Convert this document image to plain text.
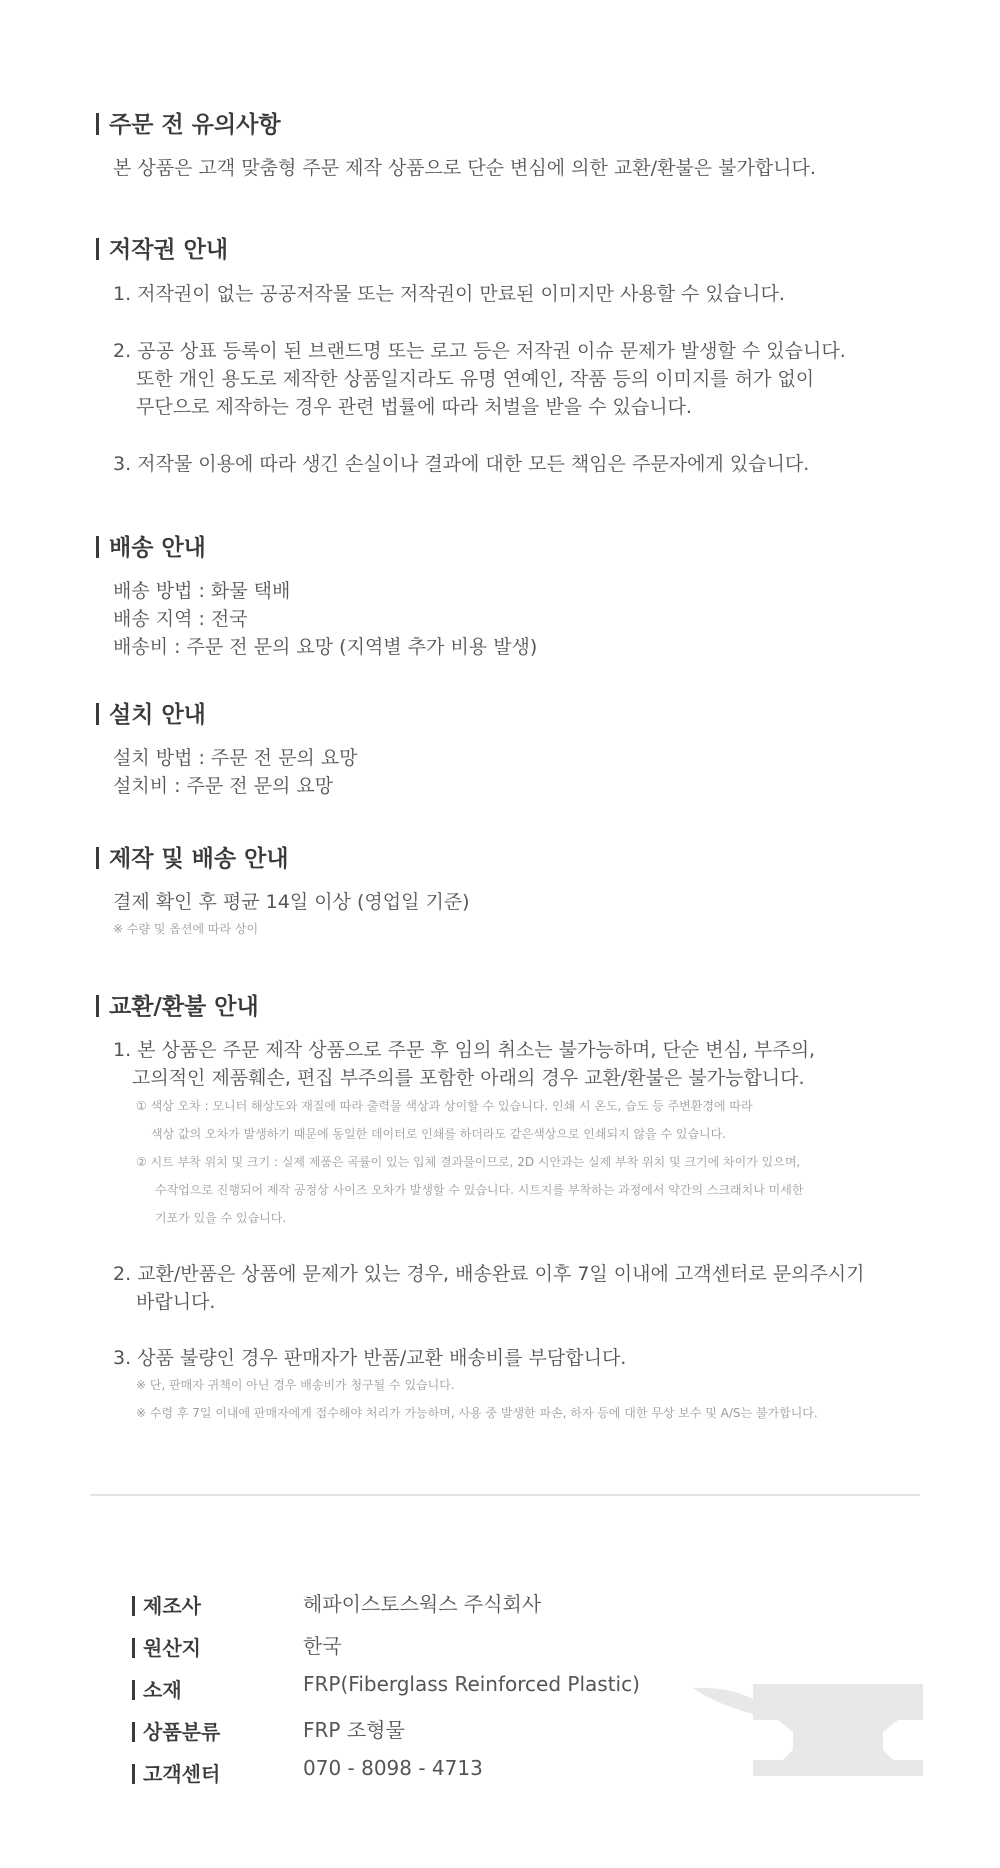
주문 전 유의사항

본 상품은 고객 맞춤형 주문 제작 상품으로 단순 변심에 의한 교환/환불은 불가합니다.

저작권 안내

1. 저작권이 없는 공공저작물 또는 저작권이 만료된 이미지만 사용할 수 있습니다.

2. 공공 상표 등록이 된 브랜드명 또는 로고 등은 저작권 이슈 문제가 발생할 수 있습니다.

또한 개인 용도로 제작한 상품일지라도 유명 연예인, 작품 등의 이미지를 허가 없이

무단으로 제작하는 경우 관련 법률에 따라 처벌을 받을 수 있습니다.

3. 저작물 이용에 따라 생긴 손실이나 결과에 대한 모든 책임은 주문자에게 있습니다.

배송 안내

배송 방법 : 화물 택배

배송 지역 : 전국

배송비 : 주문 전 문의 요망 (지역별 추가 비용 발생)

설치 안내

설치 방법 : 주문 전 문의 요망

설치비 : 주문 전 문의 요망

제작 및 배송 안내

결제 확인 후 평균 14일 이상 (영업일 기준)

※ 수량 및 옵션에 따라 상이

교환/환불 안내

1. 본 상품은 주문 제작 상품으로 주문 후 임의 취소는 불가능하며, 단순 변심, 부주의,

고의적인 제품훼손, 편집 부주의를 포함한 아래의 경우 교환/환불은 불가능합니다.

① 색상 오차 : 모니터 해상도와 재질에 따라 출력물 색상과 상이할 수 있습니다. 인쇄 시 온도, 습도 등 주변환경에 따라

색상 값의 오차가 발생하기 때문에 동일한 데이터로 인쇄를 하더라도 같은색상으로 인쇄되지 않을 수 있습니다.

② 시트 부착 위치 및 크기 : 실제 제품은 곡률이 있는 입체 결과물이므로, 2D 시안과는 실제 부착 위치 및 크기에 차이가 있으며,

수작업으로 진행되어 제작 공정상 사이즈 오차가 발생할 수 있습니다. 시트지를 부착하는 과정에서 약간의 스크래치나 미세한

기포가 있을 수 있습니다.

2. 교환/반품은 상품에 문제가 있는 경우, 배송완료 이후 7일 이내에 고객센터로 문의주시기

바랍니다.

3. 상품 불량인 경우 판매자가 반품/교환 배송비를 부담합니다.

※ 단, 판매자 귀책이 아닌 경우 배송비가 청구될 수 있습니다.

※ 수령 후 7일 이내에 판매자에게 접수해야 처리가 가능하며, 사용 중 발생한 파손, 하자 등에 대한 무상 보수 및 A/S는 불가합니다.

제조사	헤파이스토스웍스 주식회사
원산지	한국
소재	FRP(Fiberglass Reinforced Plastic)
상품분류	FRP 조형물
고객센터	070 - 8098 - 4713
